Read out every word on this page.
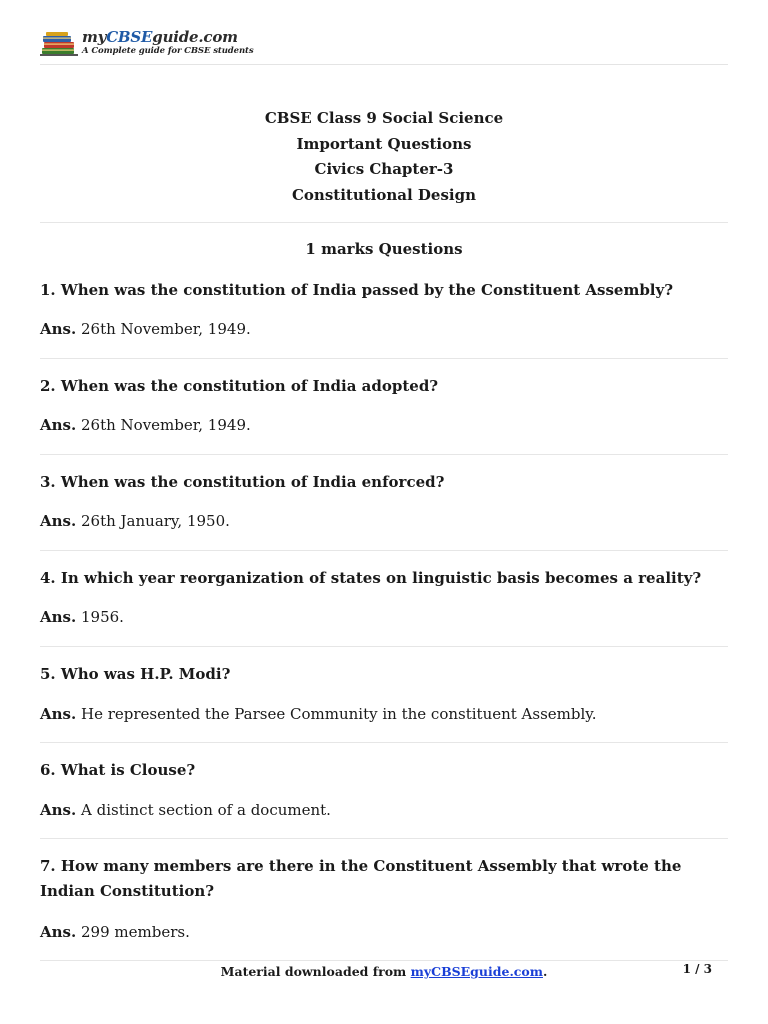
myCBSEguide.com
A Complete guide for CBSE students
CBSE Class 9 Social Science
Important Questions
Civics Chapter-3
Constitutional Design
1 marks Questions
1. When was the constitution of India passed by the Constituent Assembly?
Ans. 26th November, 1949.
2. When was the constitution of India adopted?
Ans. 26th November, 1949.
3. When was the constitution of India enforced?
Ans. 26th January, 1950.
4. In which year reorganization of states on linguistic basis becomes a reality?
Ans. 1956.
5. Who was H.P. Modi?
Ans. He represented the Parsee Community in the constituent Assembly.
6. What is Clouse?
Ans. A distinct section of a document.
7. How many members are there in the Constituent Assembly that wrote the Indian Constitution?
Ans. 299 members.
Material downloaded from myCBSEguide.com.	1 / 3
